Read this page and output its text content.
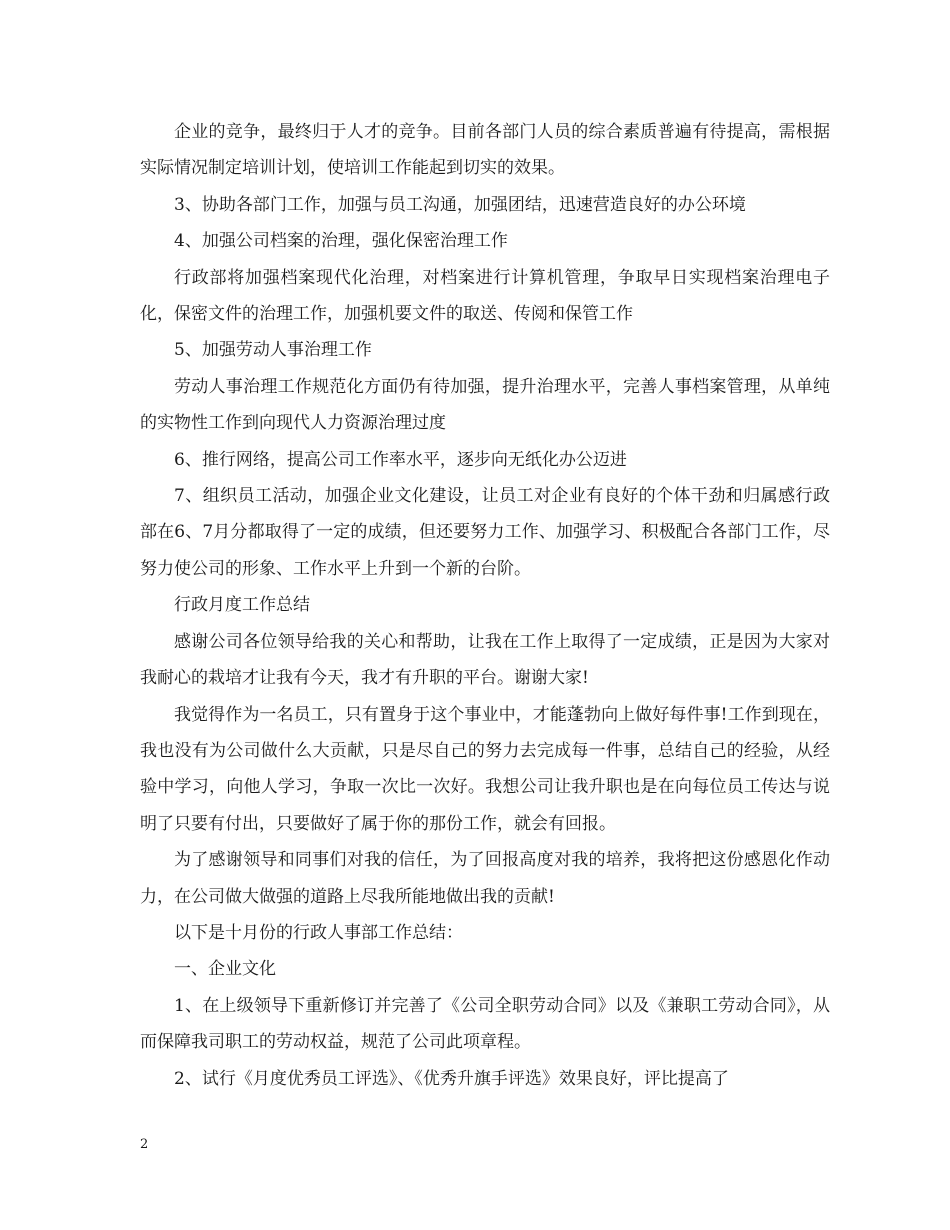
企业的竞争，最终归于人才的竞争。目前各部门人员的综合素质普遍有待提高，需根据实际情况制定培训计划，使培训工作能起到切实的效果。

3、协助各部门工作，加强与员工沟通，加强团结，迅速营造良好的办公环境

4、加强公司档案的治理，强化保密治理工作

行政部将加强档案现代化治理，对档案进行计算机管理，争取早日实现档案治理电子化，保密文件的治理工作，加强机要文件的取送、传阅和保管工作

5、加强劳动人事治理工作

劳动人事治理工作规范化方面仍有待加强，提升治理水平，完善人事档案管理，从单纯的实物性工作到向现代人力资源治理过度

6、推行网络，提高公司工作率水平，逐步向无纸化办公迈进

7、组织员工活动，加强企业文化建设，让员工对企业有良好的个体干劲和归属感行政部在6、7月分都取得了一定的成绩，但还要努力工作、加强学习、积极配合各部门工作，尽努力使公司的形象、工作水平上升到一个新的台阶。

行政月度工作总结

感谢公司各位领导给我的关心和帮助，让我在工作上取得了一定成绩，正是因为大家对我耐心的栽培才让我有今天，我才有升职的平台。谢谢大家!

我觉得作为一名员工，只有置身于这个事业中，才能蓬勃向上做好每件事!工作到现在，我也没有为公司做什么大贡献，只是尽自己的努力去完成每一件事，总结自己的经验，从经验中学习，向他人学习，争取一次比一次好。我想公司让我升职也是在向每位员工传达与说明了只要有付出，只要做好了属于你的那份工作，就会有回报。

为了感谢领导和同事们对我的信任，为了回报高度对我的培养，我将把这份感恩化作动力，在公司做大做强的道路上尽我所能地做出我的贡献!

以下是十月份的行政人事部工作总结：

一、企业文化

1、在上级领导下重新修订并完善了《公司全职劳动合同》以及《兼职工劳动合同》，从而保障我司职工的劳动权益，规范了公司此项章程。

2、试行《月度优秀员工评选》、《优秀升旗手评选》效果良好，评比提高了

2
